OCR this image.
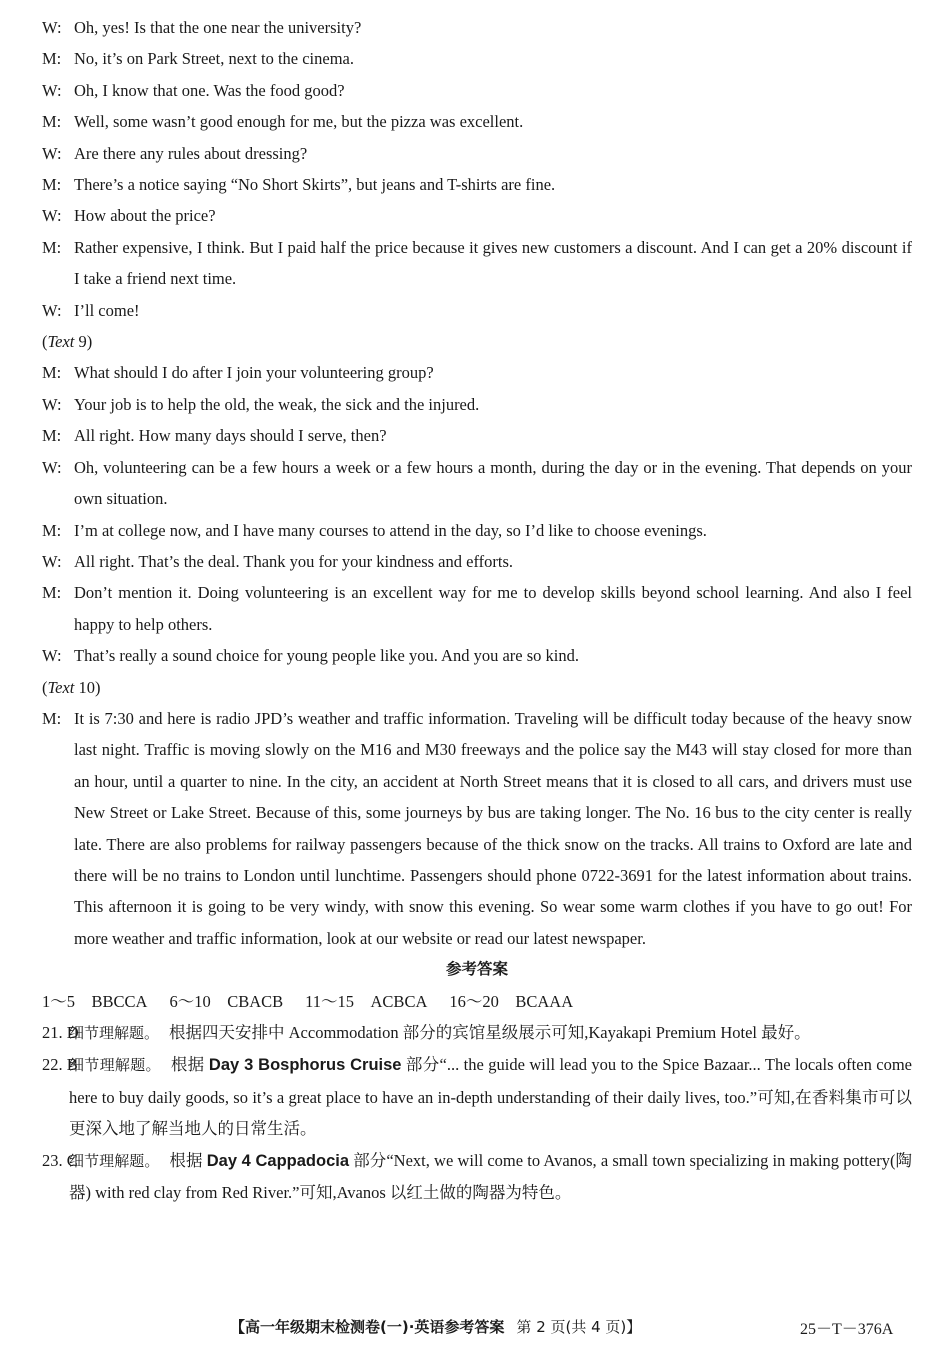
W: Oh, yes! Is that the one near the university?
M: No, it’s on Park Street, next to the cinema.
W: Oh, I know that one. Was the food good?
M: Well, some wasn’t good enough for me, but the pizza was excellent.
W: Are there any rules about dressing?
M: There’s a notice saying “No Short Skirts”, but jeans and T-shirts are fine.
W: How about the price?
M: Rather expensive, I think. But I paid half the price because it gives new customers a discount. And I can get a 20% discount if I take a friend next time.
W: I’ll come!
(Text 9)
M: What should I do after I join your volunteering group?
W: Your job is to help the old, the weak, the sick and the injured.
M: All right. How many days should I serve, then?
W: Oh, volunteering can be a few hours a week or a few hours a month, during the day or in the evening. That depends on your own situation.
M: I’m at college now, and I have many courses to attend in the day, so I’d like to choose evenings.
W: All right. That’s the deal. Thank you for your kindness and efforts.
M: Don’t mention it. Doing volunteering is an excellent way for me to develop skills beyond school learning. And also I feel happy to help others.
W: That’s really a sound choice for young people like you. And you are so kind.
(Text 10)
M: It is 7:30 and here is radio JPD’s weather and traffic information. Traveling will be difficult today because of the heavy snow last night. Traffic is moving slowly on the M16 and M30 freeways and the police say the M43 will stay closed for more than an hour, until a quarter to nine. In the city, an accident at North Street means that it is closed to all cars, and drivers must use New Street or Lake Street. Because of this, some journeys by bus are taking longer. The No. 16 bus to the city center is really late. There are also problems for railway passengers because of the thick snow on the tracks. All trains to Oxford are late and there will be no trains to London until lunchtime. Passengers should phone 0722-3691 for the latest information about trains. This afternoon it is going to be very windy, with snow this evening. So wear some warm clothes if you have to go out! For more weather and traffic information, look at our website or read our latest newspaper.
参考答案
1～5　BBCCA 6～10　CBACB 11～15　ACBCA 16～20　BCAAA
21. D
细节理解题。 根据四天安排中 Accommodation 部分的宾馆星级展示可知,Kayakapi Premium Hotel 最好。
22. B
细节理解题。 根据 Day 3 Bosphorus Cruise 部分“... the guide will lead you to the Spice Bazaar... The locals often come here to buy daily goods, so it’s a great place to have an in-depth understanding of their daily lives, too.”可知,在香料集市可以更深入地了解当地人的日常生活。
23. C
细节理解题。 根据 Day 4 Cappadocia 部分“Next, we will come to Avanos, a small town specializing in making pottery(陶器) with red clay from Red River.”可知,Avanos 以红土做的陶器为特色。
【高一年级期末检测卷(一)·英语参考答案 第 2 页(共 4 页)】	25－T－376A
